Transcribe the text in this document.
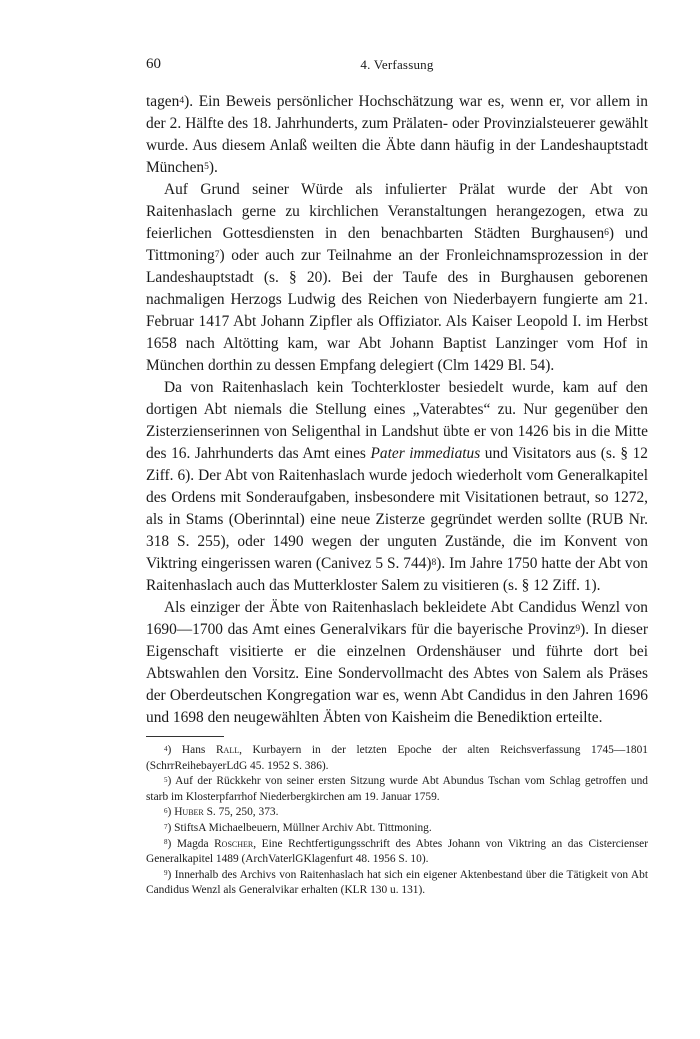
60	4. Verfassung

tagen$^4$). Ein Beweis persönlicher Hochschätzung war es, wenn er, vor allem in der 2. Hälfte des 18. Jahrhunderts, zum Prälaten- oder Provinzialsteuerer gewählt wurde. Aus diesem Anlaß weilten die Äbte dann häufig in der Landeshauptstadt München$^5$).

Auf Grund seiner Würde als infulierter Prälat wurde der Abt von Raitenhaslach gerne zu kirchlichen Veranstaltungen herangezogen, etwa zu feierlichen Gottesdiensten in den benachbarten Städten Burghausen$^6$) und Tittmoning$^7$) oder auch zur Teilnahme an der Fronleichnamsprozession in der Landeshauptstadt (s. § 20). Bei der Taufe des in Burghausen geborenen nachmaligen Herzogs Ludwig des Reichen von Niederbayern fungierte am 21. Februar 1417 Abt Johann Zipfler als Offiziator. Als Kaiser Leopold I. im Herbst 1658 nach Altötting kam, war Abt Johann Baptist Lanzinger vom Hof in München dorthin zu dessen Empfang delegiert (Clm 1429 Bl. 54).

Da von Raitenhaslach kein Tochterkloster besiedelt wurde, kam auf den dortigen Abt niemals die Stellung eines „Vaterabtes“ zu. Nur gegenüber den Zisterzienserinnen von Seligenthal in Landshut übte er von 1426 bis in die Mitte des 16. Jahrhunderts das Amt eines Pater immediatus und Visitators aus (s. § 12 Ziff. 6). Der Abt von Raitenhaslach wurde jedoch wiederholt vom Generalkapitel des Ordens mit Sonderaufgaben, insbesondere mit Visitationen betraut, so 1272, als in Stams (Oberinntal) eine neue Zisterze gegründet werden sollte (RUB Nr. 318 S. 255), oder 1490 wegen der unguten Zustände, die im Konvent von Viktring eingerissen waren (Canivez 5 S. 744)$^8$). Im Jahre 1750 hatte der Abt von Raitenhaslach auch das Mutterkloster Salem zu visitieren (s. § 12 Ziff. 1).

Als einziger der Äbte von Raitenhaslach bekleidete Abt Candidus Wenzl von 1690—1700 das Amt eines Generalvikars für die bayerische Provinz$^9$). In dieser Eigenschaft visitierte er die einzelnen Ordenshäuser und führte dort bei Abtswahlen den Vorsitz. Eine Sondervollmacht des Abtes von Salem als Präses der Oberdeutschen Kongregation war es, wenn Abt Candidus in den Jahren 1696 und 1698 den neugewählten Äbten von Kaisheim die Benediktion erteilte.

$^4$) Hans Rall, Kurbayern in der letzten Epoche der alten Reichsverfassung 1745—1801 (SchrrReihebayerLdG 45. 1952 S. 386).

$^5$) Auf der Rückkehr von seiner ersten Sitzung wurde Abt Abundus Tschan vom Schlag getroffen und starb im Klosterpfarrhof Niederbergkirchen am 19. Januar 1759.

$^6$) Huber S. 75, 250, 373.

$^7$) StiftsA Michaelbeuern, Müllner Archiv Abt. Tittmoning.

$^8$) Magda Roscher, Eine Rechtfertigungsschrift des Abtes Johann von Viktring an das Cistercienser Generalkapitel 1489 (ArchVaterlGKlagenfurt 48. 1956 S. 10).

$^9$) Innerhalb des Archivs von Raitenhaslach hat sich ein eigener Aktenbestand über die Tätigkeit von Abt Candidus Wenzl als Generalvikar erhalten (KLR 130 u. 131).
